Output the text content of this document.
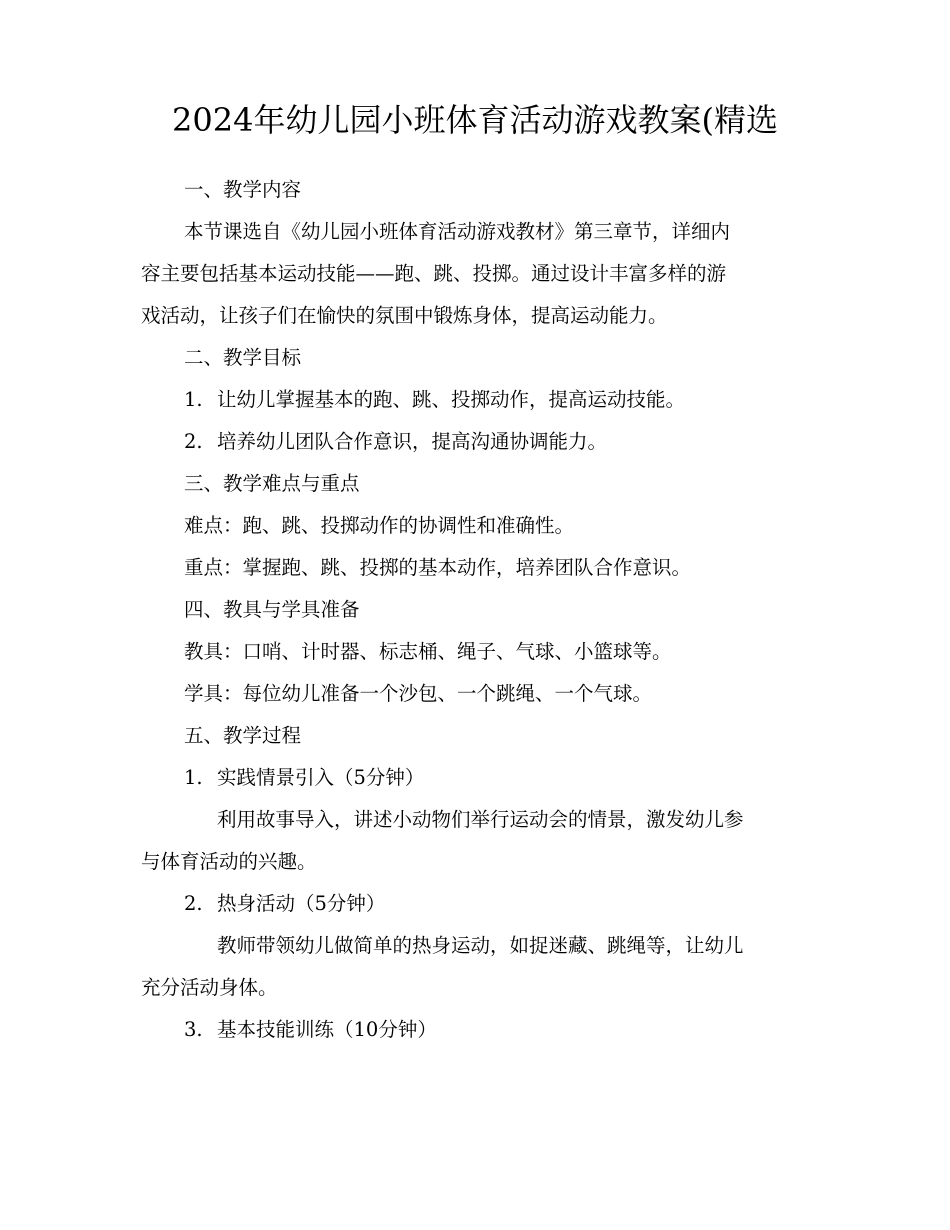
2024年幼儿园小班体育活动游戏教案(精选
一、教学内容
本节课选自《幼儿园小班体育活动游戏教材》第三章节，详细内
容主要包括基本运动技能——跑、跳、投掷。通过设计丰富多样的游
戏活动，让孩子们在愉快的氛围中锻炼身体，提高运动能力。
二、教学目标
1. 让幼儿掌握基本的跑、跳、投掷动作，提高运动技能。
2. 培养幼儿团队合作意识，提高沟通协调能力。
三、教学难点与重点
难点：跑、跳、投掷动作的协调性和准确性。
重点：掌握跑、跳、投掷的基本动作，培养团队合作意识。
四、教具与学具准备
教具：口哨、计时器、标志桶、绳子、气球、小篮球等。
学具：每位幼儿准备一个沙包、一个跳绳、一个气球。
五、教学过程
1. 实践情景引入（5分钟）
利用故事导入，讲述小动物们举行运动会的情景，激发幼儿参
与体育活动的兴趣。
2. 热身活动（5分钟）
教师带领幼儿做简单的热身运动，如捉迷藏、跳绳等，让幼儿
充分活动身体。
3. 基本技能训练（10分钟）
